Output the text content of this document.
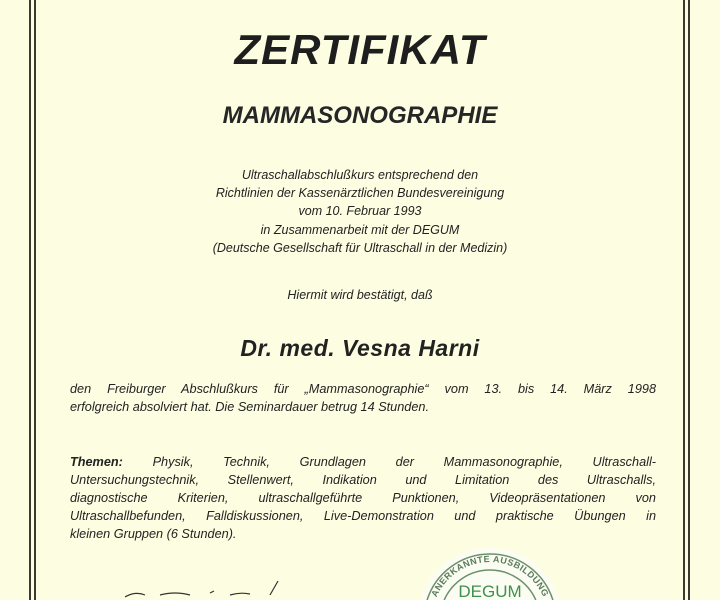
ZERTIFIKAT
MAMMASONOGRAPHIE
Ultraschallabschlußkurs entsprechend den
Richtlinien der Kassenärztlichen Bundesvereinigung
vom 10. Februar 1993
in Zusammenarbeit mit der DEGUM
(Deutsche Gesellschaft für Ultraschall in der Medizin)
Hiermit wird bestätigt, daß
Dr. med. Vesna Harni
den Freiburger Abschlußkurs für „Mammasonographie“ vom 13. bis 14. März 1998
erfolgreich absolviert hat. Die Seminardauer betrug 14 Stunden.
Themen: Physik, Technik, Grundlagen der Mammasonographie, Ultraschall-
Untersuchungstechnik, Stellenwert, Indikation und Limitation des Ultraschalls,
diagnostische Kriterien, ultraschallgeführte Punktionen, Videopräsentationen von
Ultraschallbefunden, Falldiskussionen, Live-Demonstration und praktische Übungen in
kleinen Gruppen (6 Stunden).
ANERKANNTE AUSBILDUNG
DEGUM
